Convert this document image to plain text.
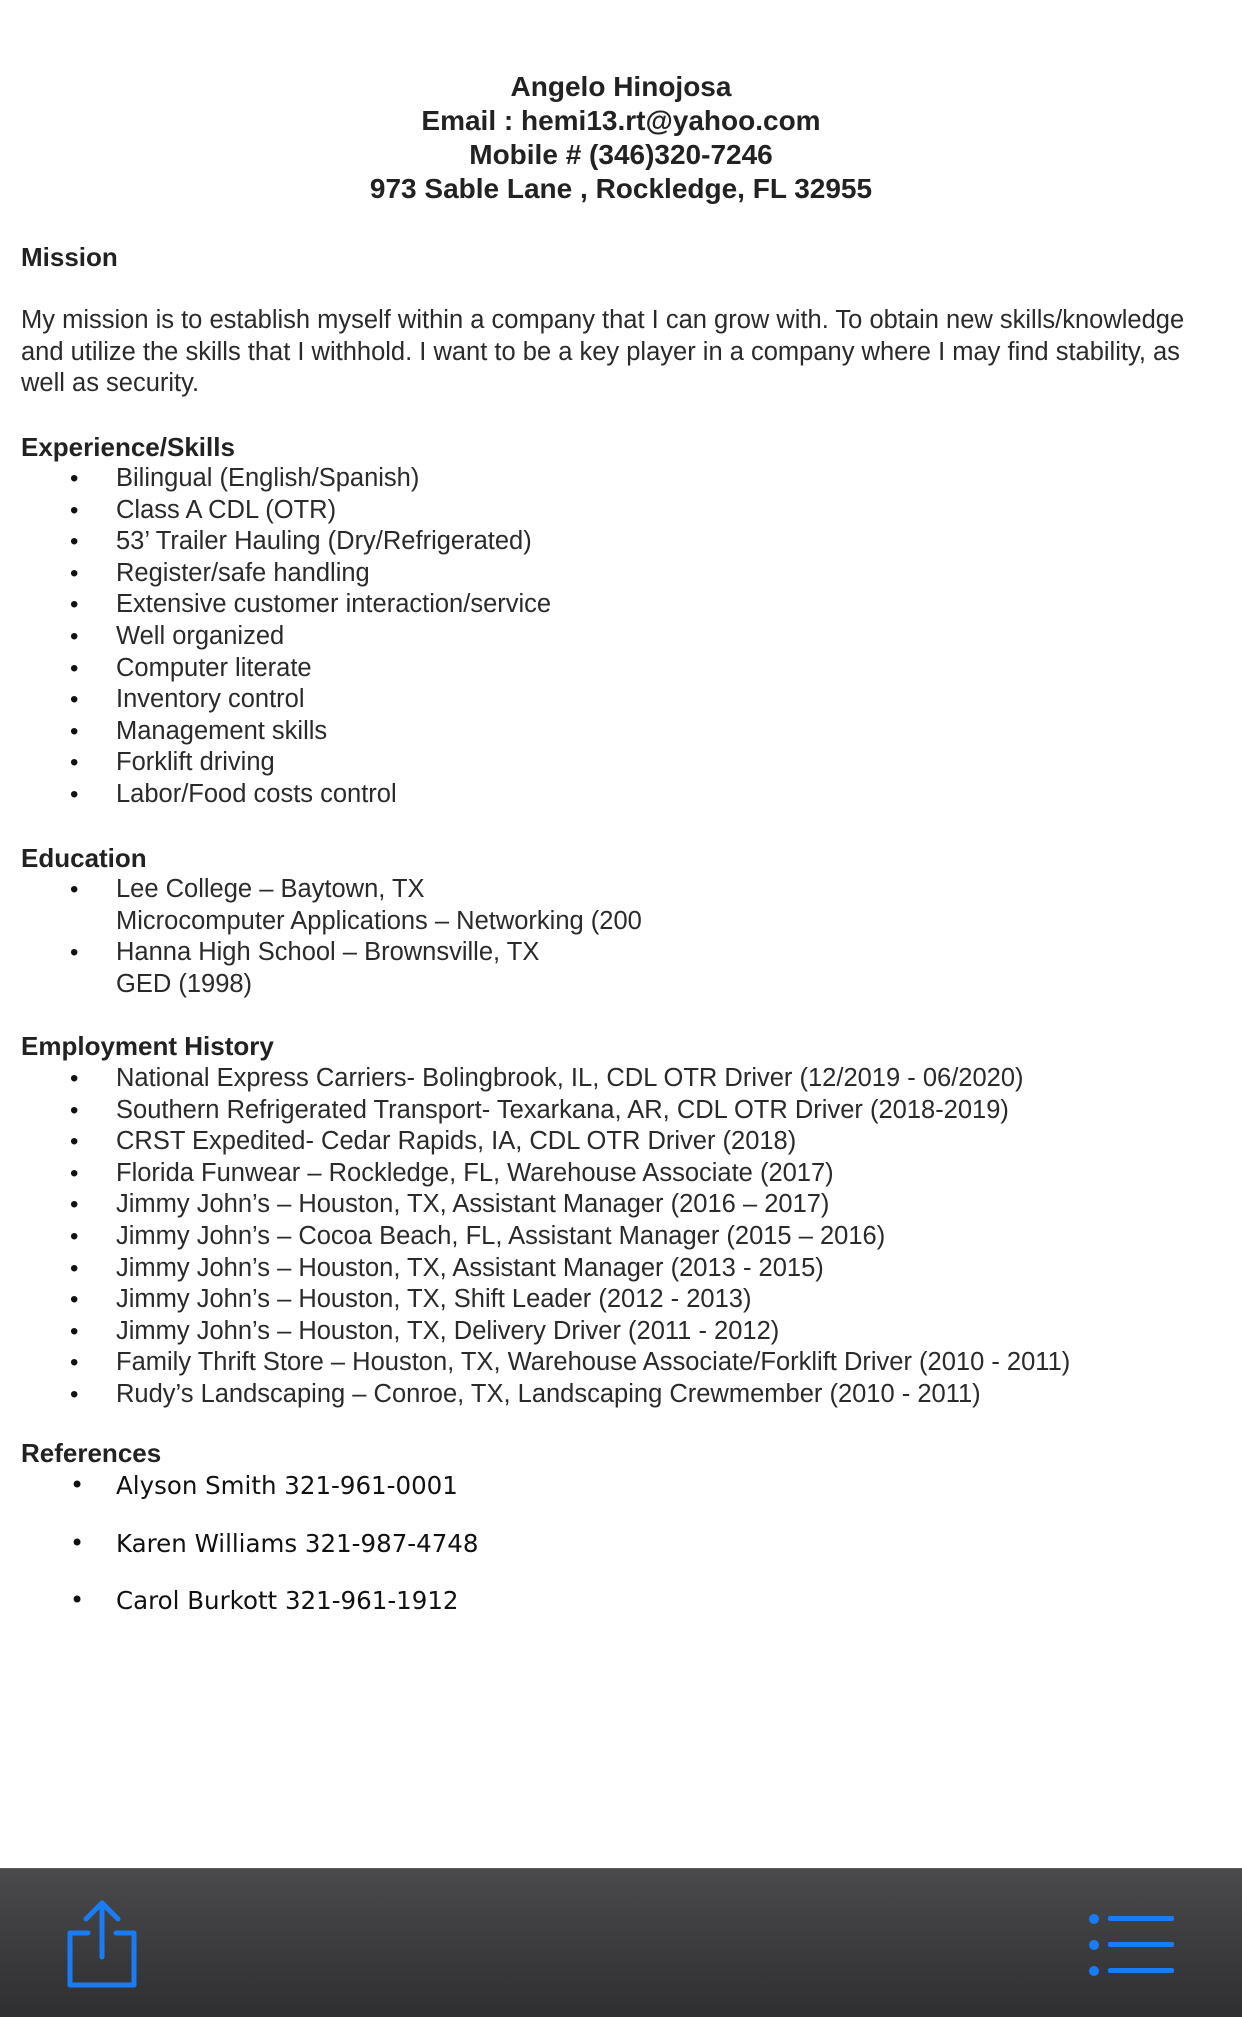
Angelo Hinojosa
Email : hemi13.rt@yahoo.com
Mobile # (346)320-7246
973 Sable Lane , Rockledge, FL 32955
Mission
My mission is to establish myself within a company that I can grow with. To obtain new skills/knowledge and utilize the skills that I withhold. I want to be a key player in a company where I may find stability, as well as security.
Experience/Skills
• Bilingual (English/Spanish)
• Class A CDL (OTR)
• 53’ Trailer Hauling (Dry/Refrigerated)
• Register/safe handling
• Extensive customer interaction/service
• Well organized
• Computer literate
• Inventory control
• Management skills
• Forklift driving
• Labor/Food costs control
Education
• Lee College – Baytown, TX
Microcomputer Applications – Networking (200
• Hanna High School – Brownsville, TX
GED (1998)
Employment History
• National Express Carriers- Bolingbrook, IL, CDL OTR Driver (12/2019 - 06/2020)
• Southern Refrigerated Transport- Texarkana, AR, CDL OTR Driver (2018-2019)
• CRST Expedited- Cedar Rapids, IA, CDL OTR Driver (2018)
• Florida Funwear – Rockledge, FL, Warehouse Associate (2017)
• Jimmy John’s – Houston, TX, Assistant Manager (2016 – 2017)
• Jimmy John’s – Cocoa Beach, FL, Assistant Manager (2015 – 2016)
• Jimmy John’s – Houston, TX, Assistant Manager (2013 - 2015)
• Jimmy John’s – Houston, TX, Shift Leader (2012 - 2013)
• Jimmy John’s – Houston, TX, Delivery Driver (2011 - 2012)
• Family Thrift Store – Houston, TX, Warehouse Associate/Forklift Driver (2010 - 2011)
• Rudy’s Landscaping – Conroe, TX, Landscaping Crewmember (2010 - 2011)
References
• Alyson Smith 321-961-0001
• Karen Williams 321-987-4748
• Carol Burkott 321-961-1912
